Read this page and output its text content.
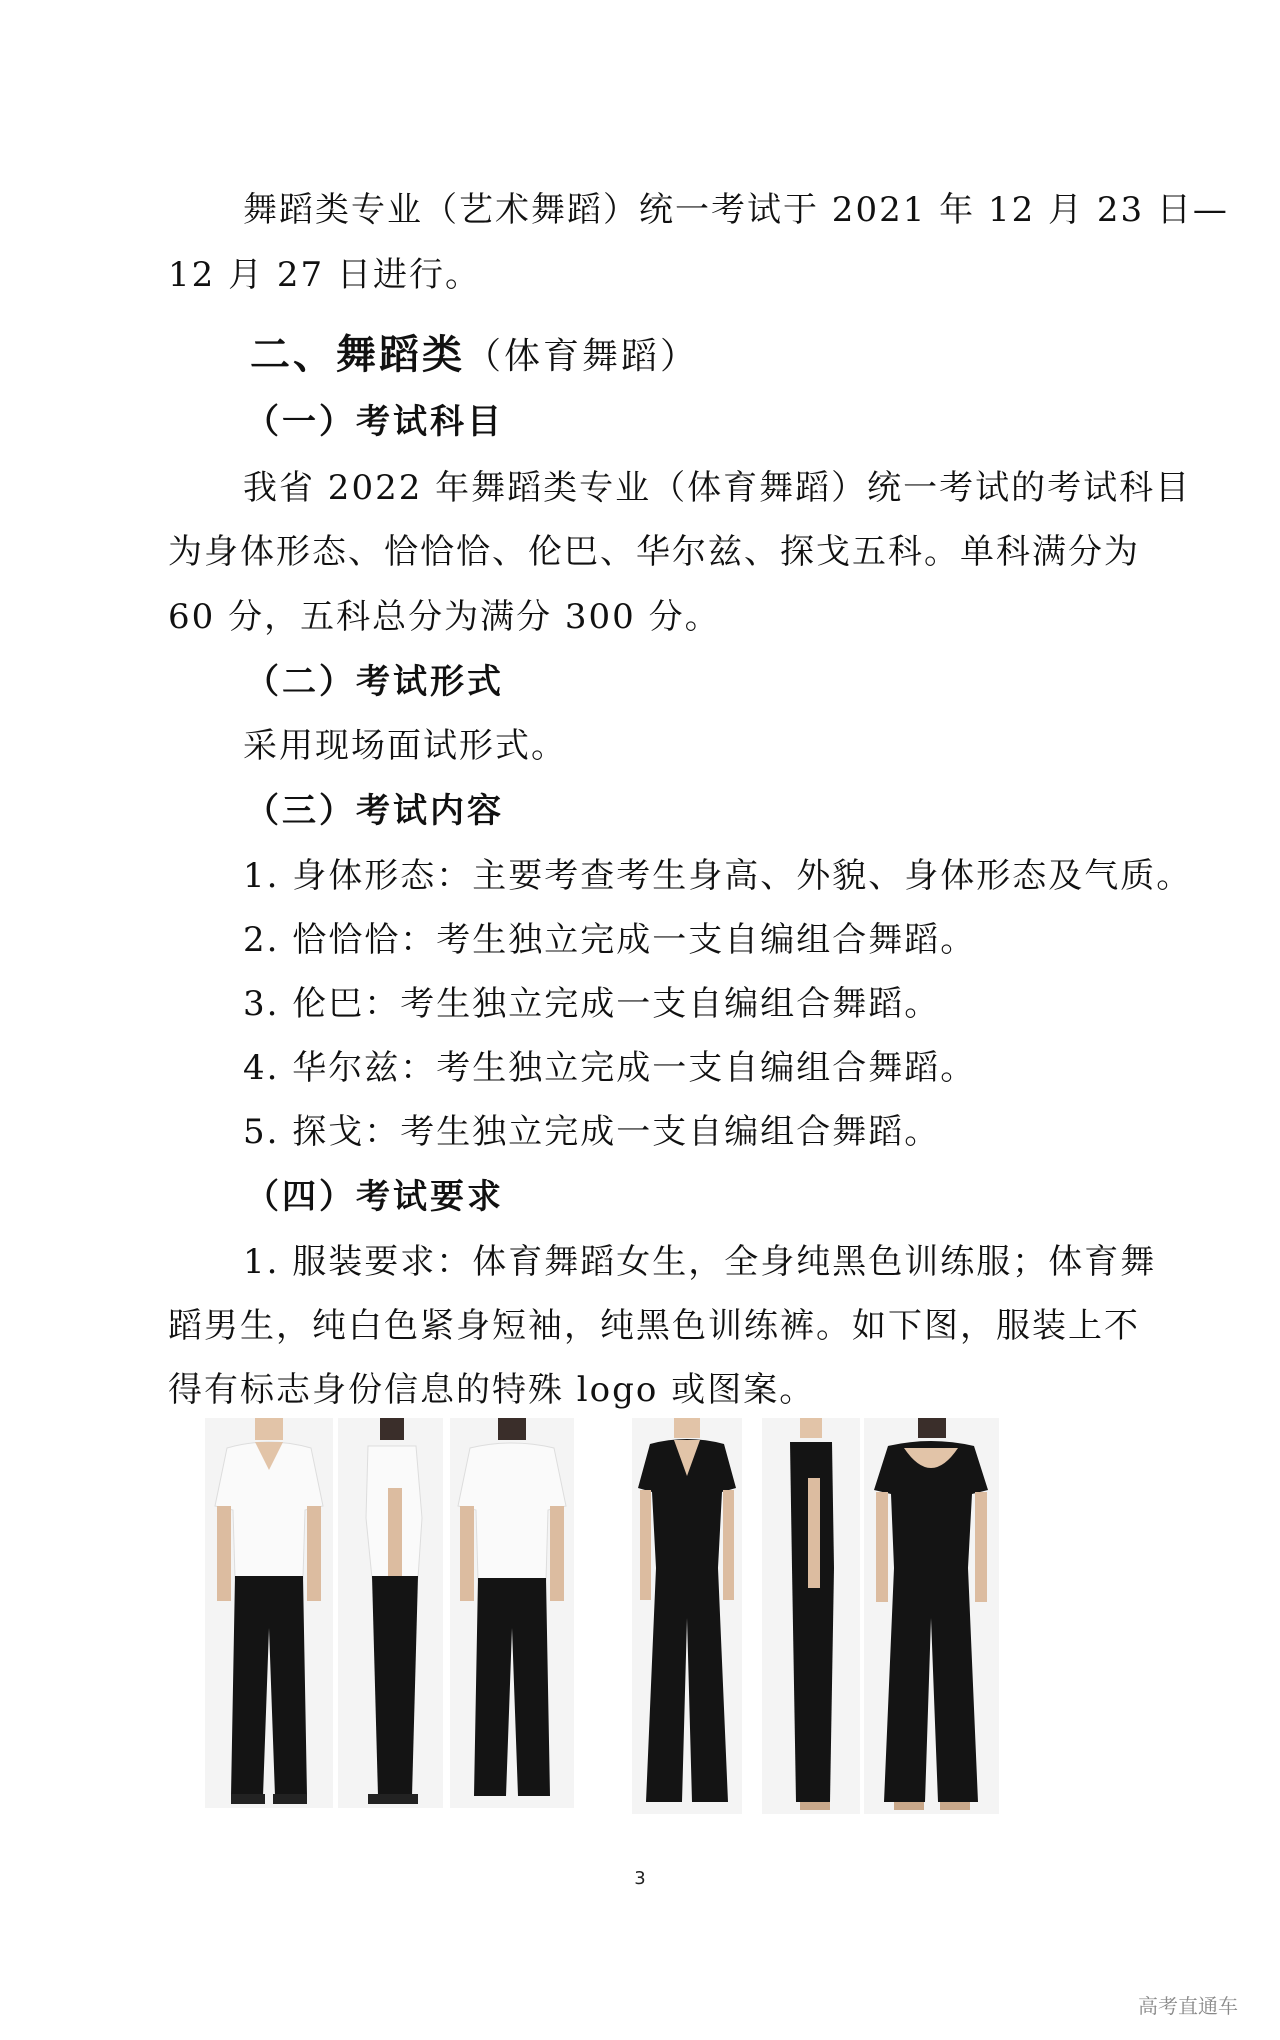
舞蹈类专业（艺术舞蹈）统一考试于 2021 年 12 月 23 日—
12 月 27 日进行。
二、舞蹈类（体育舞蹈）
（一）考试科目
我省 2022 年舞蹈类专业（体育舞蹈）统一考试的考试科目
为身体形态、恰恰恰、伦巴、华尔兹、探戈五科。单科满分为
60 分，五科总分为满分 300 分。
（二）考试形式
采用现场面试形式。
（三）考试内容
1. 身体形态：主要考查考生身高、外貌、身体形态及气质。
2. 恰恰恰：考生独立完成一支自编组合舞蹈。
3. 伦巴：考生独立完成一支自编组合舞蹈。
4. 华尔兹：考生独立完成一支自编组合舞蹈。
5. 探戈：考生独立完成一支自编组合舞蹈。
（四）考试要求
1. 服装要求：体育舞蹈女生，全身纯黑色训练服；体育舞
蹈男生，纯白色紧身短袖，纯黑色训练裤。如下图，服装上不
得有标志身份信息的特殊 logo 或图案。
3
高考直通车
